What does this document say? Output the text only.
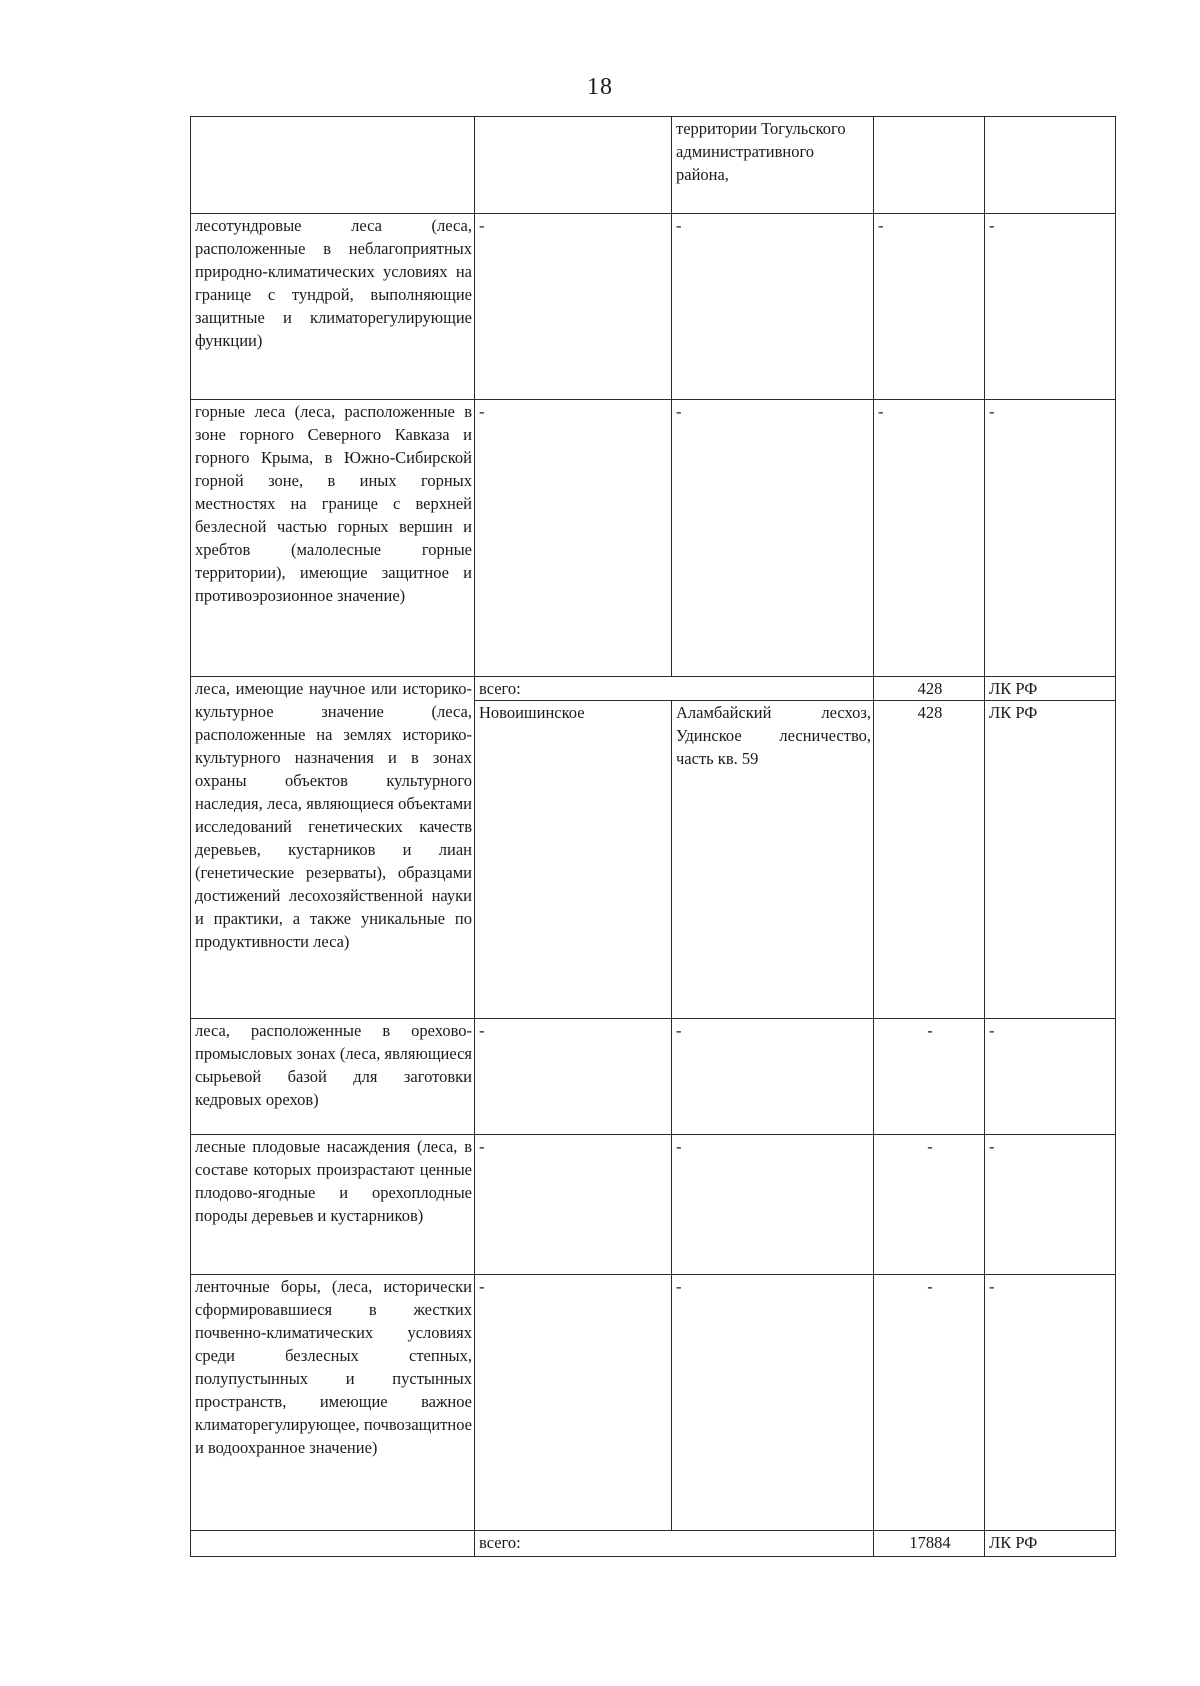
18
		территории Тогульского административного района,		
лесотундровые леса (леса, расположенные в неблагоприятных природно-климатических условиях на границе с тундрой, выполняющие защитные и климаторегулирующие функции)	-	-	-	-
горные леса (леса, расположенные в зоне горного Северного Кавказа и горного Крыма, в Южно-Сибирской горной зоне, в иных горных местностях на границе с верхней безлесной частью горных вершин и хребтов (малолесные горные территории), имеющие защитное и противоэрозионное значение)	-	-	-	-
леса, имеющие научное или историко-культурное значение (леса, расположенные на землях историко-культурного назначения и в зонах охраны объектов культурного наследия, леса, являющиеся объектами исследований генетических качеств деревьев, кустарников и лиан (генетические резерваты), образцами достижений лесохозяйственной науки и практики, а также уникальные по продуктивности леса)	всего:		428	ЛК РФ
	Новоишинское	Аламбайский лесхоз, Удинское лесничество, часть кв. 59	428	ЛК РФ
леса, расположенные в орехово-промысловых зонах (леса, являющиеся сырьевой базой для заготовки кедровых орехов)	-	-	-	-
лесные плодовые насаждения (леса, в составе которых произрастают ценные плодово-ягодные и орехоплодные породы деревьев и кустарников)	-	-	-	-
ленточные боры, (леса, исторически сформировавшиеся в жестких почвенно-климатических условиях среди безлесных степных, полупустынных и пустынных пространств, имеющие важное климаторегулирующее, почвозащитное и водоохранное значение)	-	-	-	-
	всего:		17884	ЛК РФ
